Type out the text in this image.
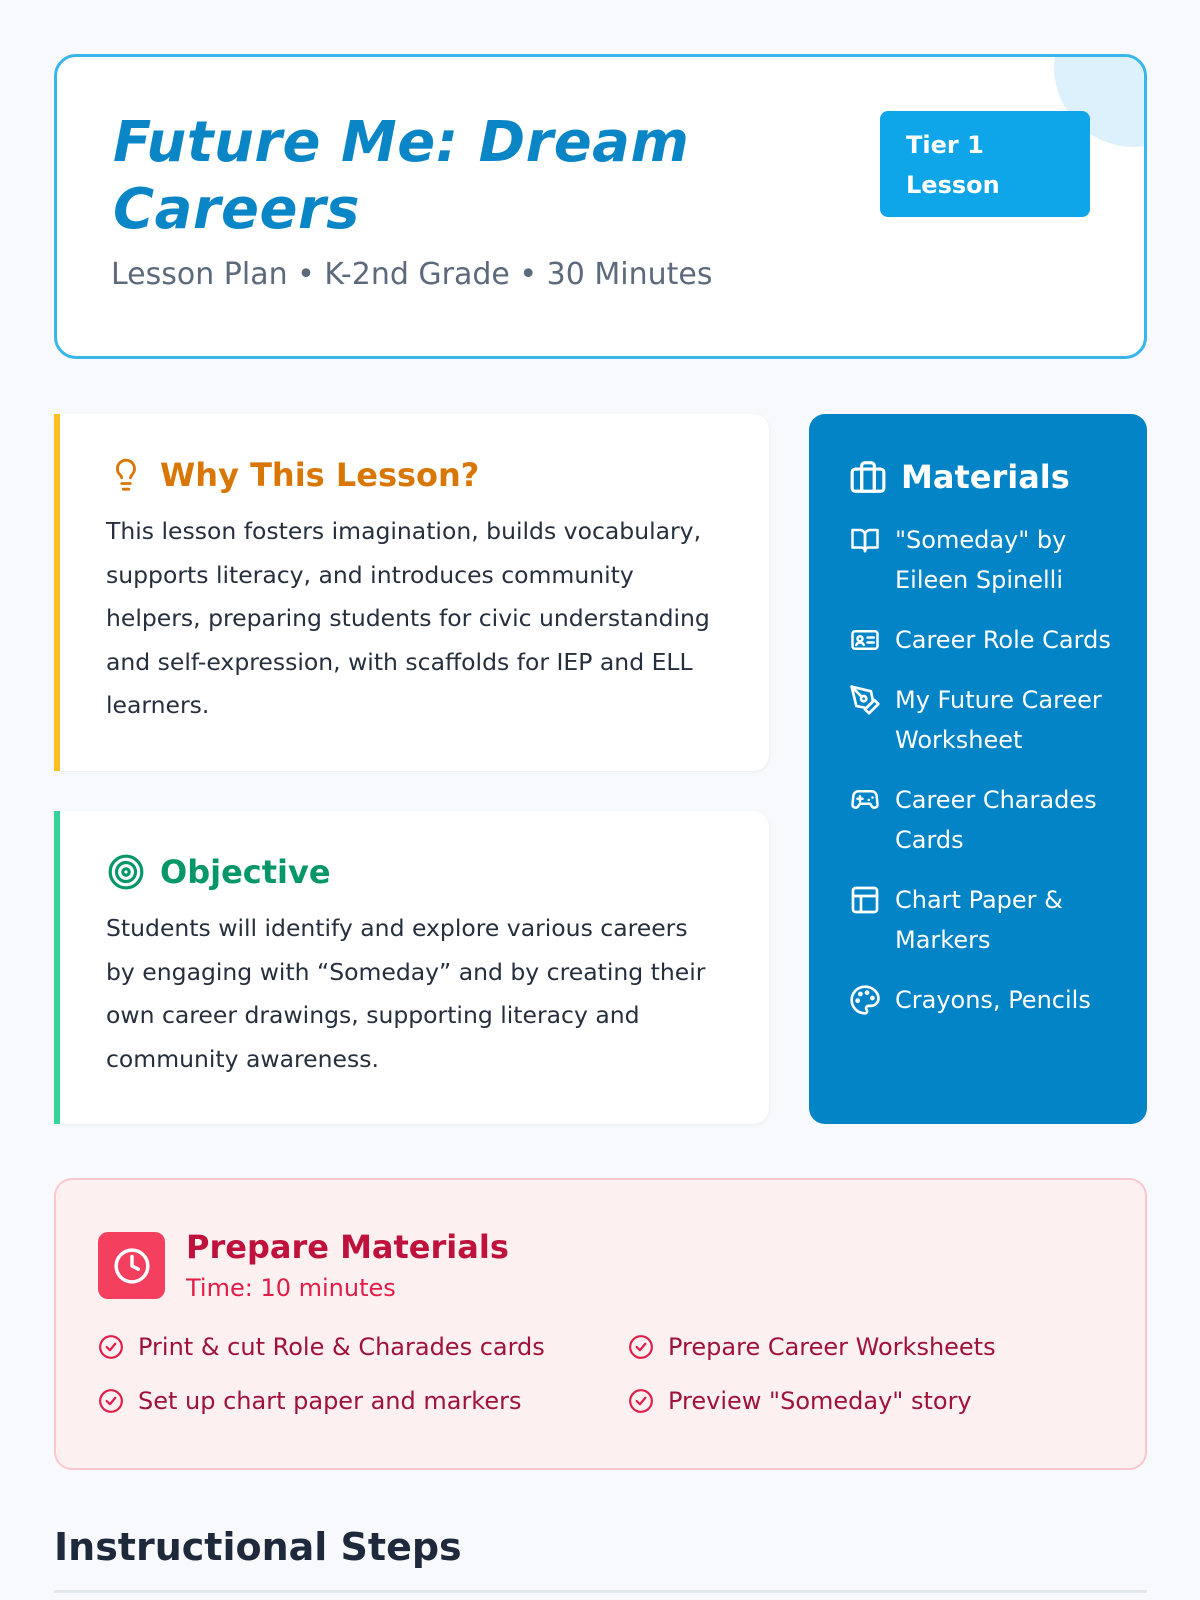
Future Me: Dream Careers
Lesson Plan • K-2nd Grade • 30 Minutes
Tier 1
Lesson
Why This Lesson?

This lesson fosters imagination, builds vocabulary, supports literacy, and introduces community helpers, preparing students for civic understanding and self-expression, with scaffolds for IEP and ELL learners.

Objective

Students will identify and explore various careers by engaging with “Someday” and by creating their own career drawings, supporting literacy and community awareness.

Materials
"Someday" by Eileen Spinelli
Career Role Cards
My Future Career Worksheet
Career Charades Cards
Chart Paper & Markers
Crayons, Pencils
Prepare Materials
Time: 10 minutes
Print & cut Role & Charades cards	Prepare Career Worksheets
Set up chart paper and markers	Preview "Someday" story
Instructional Steps
